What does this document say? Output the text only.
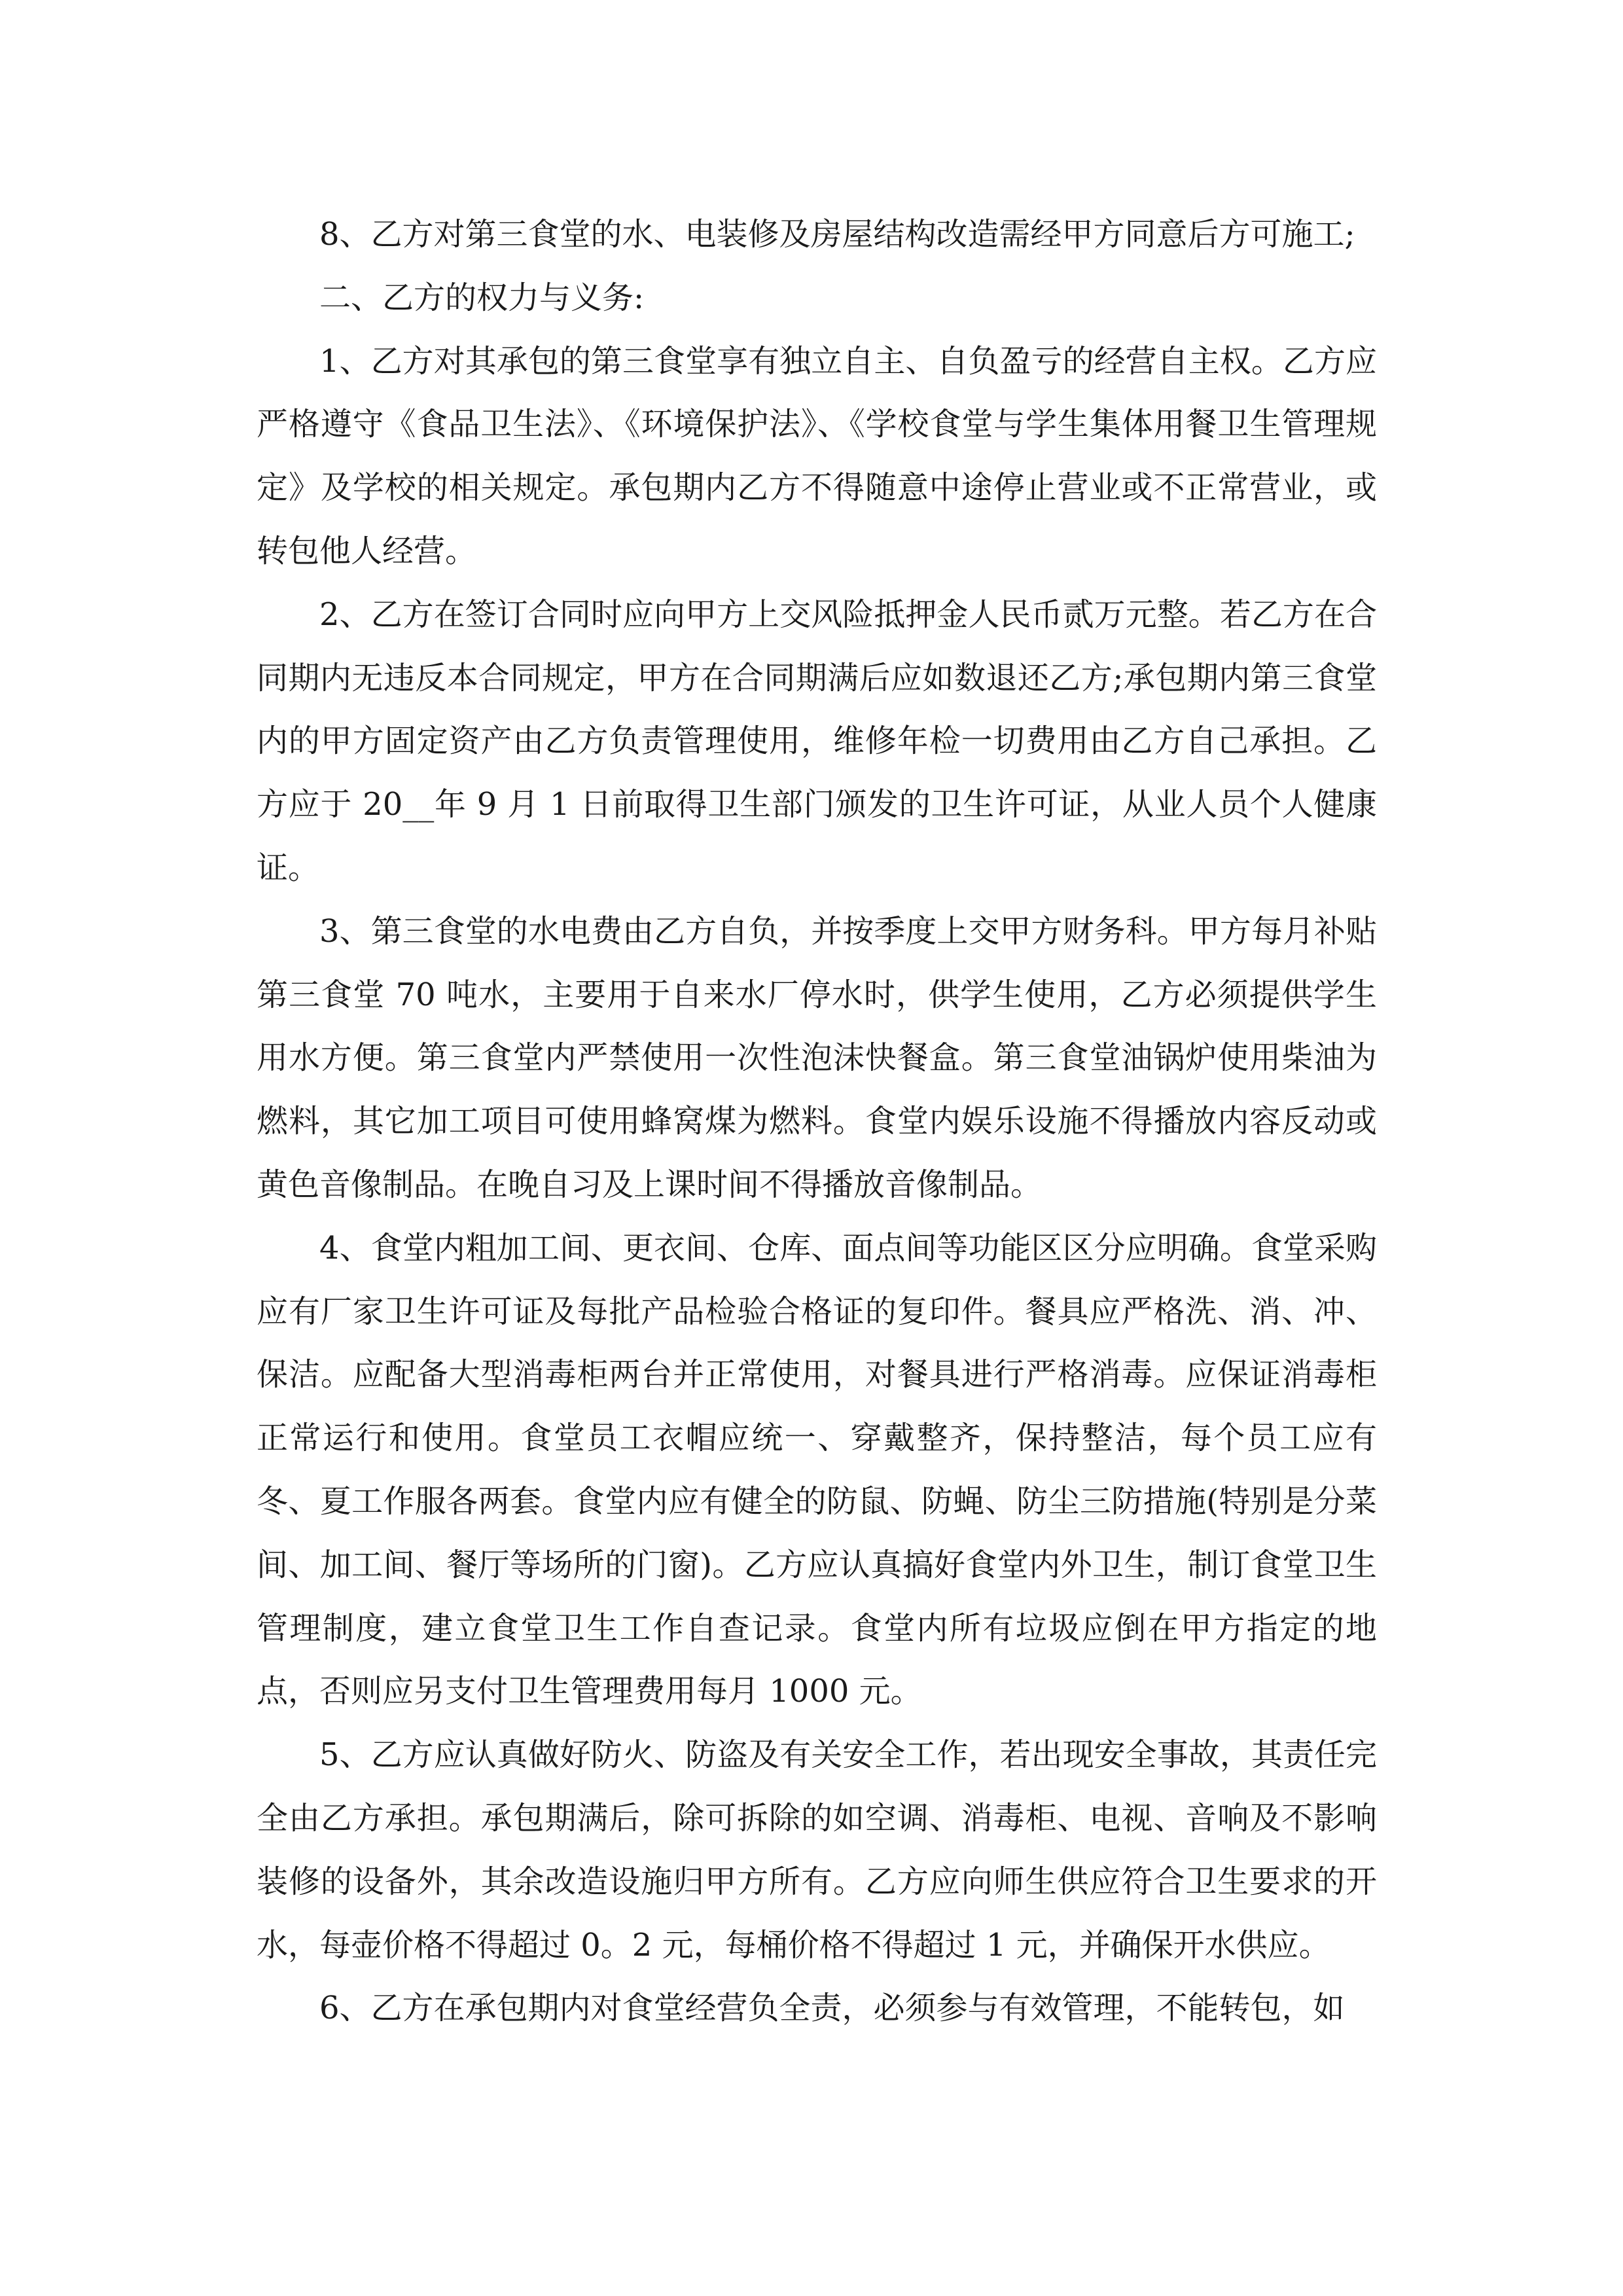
8、乙方对第三食堂的水、电装修及房屋结构改造需经甲方同意后方可施工;

二、乙方的权力与义务:

1、乙方对其承包的第三食堂享有独立自主、自负盈亏的经营自主权。乙方应严格遵守《食品卫生法》、《环境保护法》、《学校食堂与学生集体用餐卫生管理规定》及学校的相关规定。承包期内乙方不得随意中途停止营业或不正常营业，或转包他人经营。

2、乙方在签订合同时应向甲方上交风险抵押金人民币贰万元整。若乙方在合同期内无违反本合同规定，甲方在合同期满后应如数退还乙方;承包期内第三食堂内的甲方固定资产由乙方负责管理使用，维修年检一切费用由乙方自己承担。乙方应于 20__年 9 月 1 日前取得卫生部门颁发的卫生许可证，从业人员个人健康证。

3、第三食堂的水电费由乙方自负，并按季度上交甲方财务科。甲方每月补贴第三食堂 70 吨水，主要用于自来水厂停水时，供学生使用，乙方必须提供学生用水方便。第三食堂内严禁使用一次性泡沫快餐盒。第三食堂油锅炉使用柴油为燃料，其它加工项目可使用蜂窝煤为燃料。食堂内娱乐设施不得播放内容反动或黄色音像制品。在晚自习及上课时间不得播放音像制品。

4、食堂内粗加工间、更衣间、仓库、面点间等功能区区分应明确。食堂采购应有厂家卫生许可证及每批产品检验合格证的复印件。餐具应严格洗、消、冲、保洁。应配备大型消毒柜两台并正常使用，对餐具进行严格消毒。应保证消毒柜正常运行和使用。食堂员工衣帽应统一、穿戴整齐，保持整洁，每个员工应有冬、夏工作服各两套。食堂内应有健全的防鼠、防蝇、防尘三防措施(特别是分菜间、加工间、餐厅等场所的门窗)。乙方应认真搞好食堂内外卫生，制订食堂卫生管理制度，建立食堂卫生工作自查记录。食堂内所有垃圾应倒在甲方指定的地点，否则应另支付卫生管理费用每月 1000 元。

5、乙方应认真做好防火、防盗及有关安全工作，若出现安全事故，其责任完全由乙方承担。承包期满后，除可拆除的如空调、消毒柜、电视、音响及不影响装修的设备外，其余改造设施归甲方所有。乙方应向师生供应符合卫生要求的开水，每壶价格不得超过 0。2 元，每桶价格不得超过 1 元，并确保开水供应。

6、乙方在承包期内对食堂经营负全责，必须参与有效管理，不能转包，如
